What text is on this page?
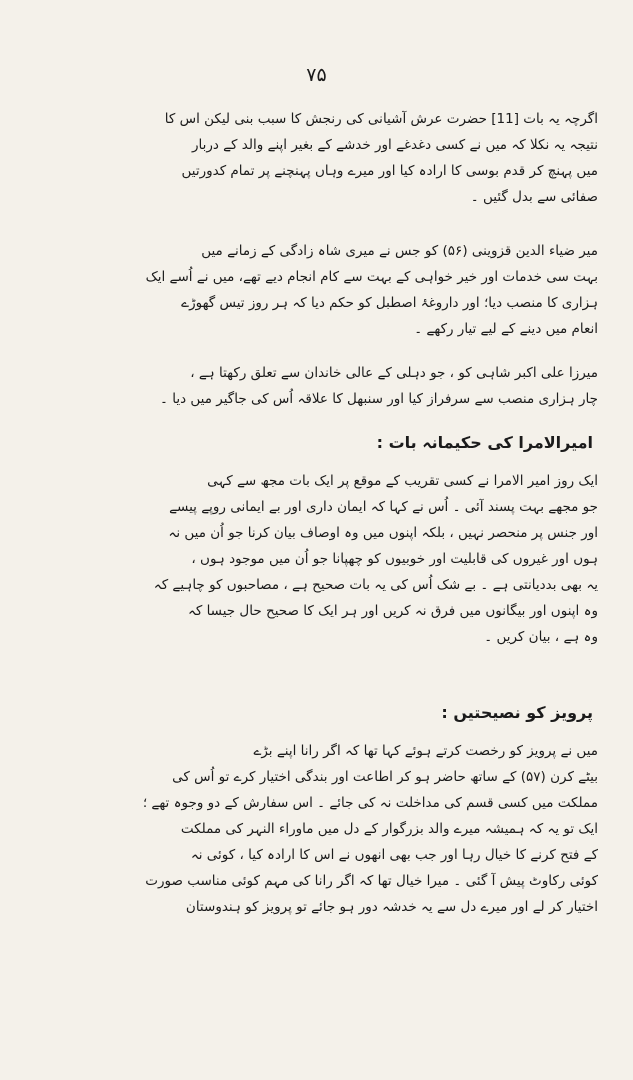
۷۵
اگرچہ یہ بات [11] حضرت عرش آشیانی کی رنجش کا سبب بنی لیکن اس کا
نتیجہ یہ نکلا کہ میں نے کسی دغدغے اور خدشے کے بغیر اپنے والد کے دربار
میں پہنچ کر قدم بوسی کا ارادہ کیا اور میرے وہاں پہنچنے پر تمام کدورتیں
صفائی سے بدل گئیں ۔
میر ضیاء الدین قزوینی (۵۶) کو جس نے میری شاہ زادگی کے زمانے میں
بہت سی خدمات اور خیر خواہی کے بہت سے کام انجام دیے تھے، میں نے اُسے ایک
ہزاری کا منصب دیا؛ اور داروغۂ اصطبل کو حکم دیا کہ ہر روز تیس گھوڑے
انعام میں دینے کے لیے تیار رکھے ۔
میرزا علی اکبر شاہی کو ، جو دہلی کے عالی خاندان سے تعلق رکھتا ہے ،
چار ہزاری منصب سے سرفراز کیا اور سنبھل کا علاقہ اُس کی جاگیر میں دیا ۔
امیرالامرا کی حکیمانہ بات :
ایک روز امیر الامرا نے کسی تقریب کے موقع پر ایک بات مجھ سے کہی
جو مجھے بہت پسند آئی ۔ اُس نے کہا کہ ایمان داری اور بے ایمانی روپے پیسے
اور جنس پر منحصر نہیں ، بلکہ اپنوں میں وہ اوصاف بیان کرنا جو اُن میں نہ
ہوں اور غیروں کی قابلیت اور خوبیوں کو چھپانا جو اُن میں موجود ہوں ،
یہ بھی بددیانتی ہے ۔ بے شک اُس کی یہ بات صحیح ہے ، مصاحبوں کو چاہیے کہ
وہ اپنوں اور بیگانوں میں فرق نہ کریں اور ہر ایک کا صحیح حال جیسا کہ
وہ ہے ، بیان کریں ۔
پرویز کو نصیحتیں :
میں نے پرویز کو رخصت کرتے ہوئے کہا تھا کہ اگر رانا اپنے بڑے
بیٹے کرن (۵۷) کے ساتھ حاضر ہو کر اطاعت اور بندگی اختیار کرے تو اُس کی
مملکت میں کسی قسم کی مداخلت نہ کی جائے ۔ اس سفارش کے دو وجوہ تھے ؛
ایک تو یہ کہ ہمیشہ میرے والد بزرگوار کے دل میں ماوراء النہر کی مملکت
کے فتح کرنے کا خیال رہا اور جب بھی انھوں نے اس کا ارادہ کیا ، کوئی نہ
کوئی رکاوٹ پیش آ گئی ۔ میرا خیال تھا کہ اگر رانا کی مہم کوئی مناسب صورت
اختیار کر لے اور میرے دل سے یہ خدشہ دور ہو جائے تو پرویز کو ہندوستان
